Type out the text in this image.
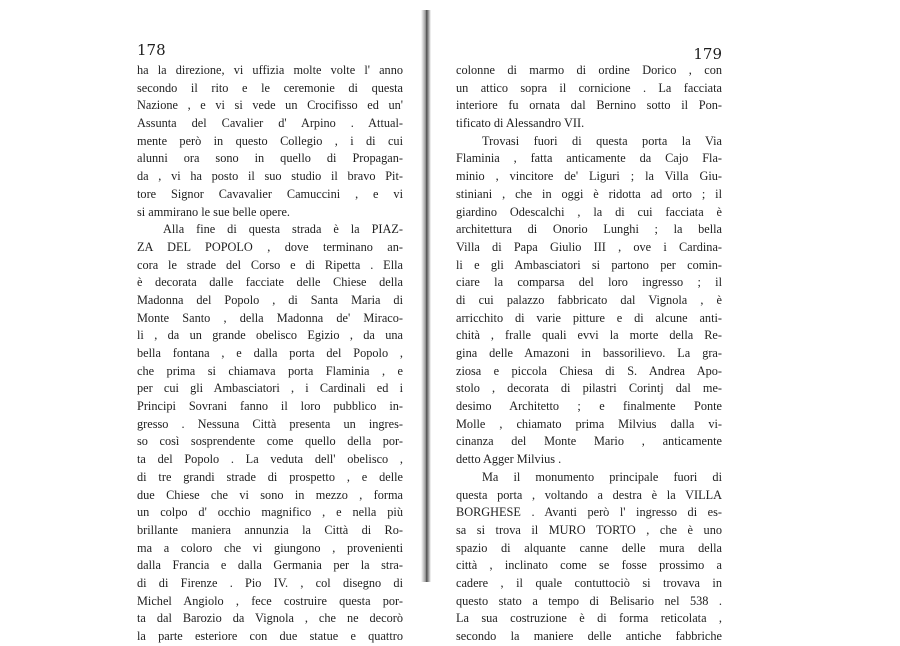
178
ha la direzione, vi uffizia molte volte l' anno
secondo il rito e le ceremonie di questa
Nazione , e vi si vede un Crocifisso ed un'
Assunta del Cavalier d' Arpino . Attual-
mente però in questo Collegio , i di cui
alunni ora sono in quello di Propagan-
da , vi ha posto il suo studio il bravo Pit-
tore Signor Cavavalier Camuccini , e vi
si ammirano le sue belle opere.
Alla fine di questa strada è la PIAZ-
ZA DEL POPOLO , dove terminano an-
cora le strade del Corso e di Ripetta . Ella
è decorata dalle facciate delle Chiese della
Madonna del Popolo , di Santa Maria di
Monte Santo , della Madonna de' Miraco-
li , da un grande obelisco Egizio , da una
bella fontana , e dalla porta del Popolo ,
che prima si chiamava porta Flaminia , e
per cui gli Ambasciatori , i Cardinali ed i
Principi Sovrani fanno il loro pubblico in-
gresso . Nessuna Città presenta un ingres-
so così sosprendente come quello della por-
ta del Popolo . La veduta dell' obelisco ,
di tre grandi strade di prospetto , e delle
due Chiese che vi sono in mezzo , forma
un colpo d' occhio magnifico , e nella più
brillante maniera annunzia la Città di Ro-
ma a coloro che vi giungono , provenienti
dalla Francia e dalla Germania per la stra-
di di Firenze . Pio IV. , col disegno di
Michel Angiolo , fece costruire questa por-
ta dal Barozio da Vignola , che ne decorò
la parte esteriore con due statue e quattro
179
colonne di marmo di ordine Dorico , con
un attico sopra il cornicione . La facciata
interiore fu ornata dal Bernino sotto il Pon-
tificato di Alessandro VII.
Trovasi fuori di questa porta la Via
Flaminia , fatta anticamente da Cajo Fla-
minio , vincitore de' Liguri ; la Villa Giu-
stiniani , che in oggi è ridotta ad orto ; il
giardino Odescalchi , la di cui facciata è
architettura di Onorio Lunghi ; la bella
Villa di Papa Giulio III , ove i Cardina-
li e gli Ambasciatori si partono per comin-
ciare la comparsa del loro ingresso ; il
di cui palazzo fabbricato dal Vignola , è
arricchito di varie pitture e di alcune anti-
chità , fralle quali evvi la morte della Re-
gina delle Amazoni in bassorilievo. La gra-
ziosa e piccola Chiesa di S. Andrea Apo-
stolo , decorata di pilastri Corintj dal me-
desimo Architetto ; e finalmente Ponte
Molle , chiamato prima Milvius dalla vi-
cinanza del Monte Mario , anticamente
detto Agger Milvius .
Ma il monumento principale fuori di
questa porta , voltando a destra è la VILLA
BORGHESE . Avanti però l' ingresso di es-
sa si trova il MURO TORTO , che è uno
spazio di alquante canne delle mura della
città , inclinato come se fosse prossimo a
cadere , il quale contuttociò si trovava in
questo stato a tempo di Belisario nel 538 .
La sua costruzione è di forma reticolata ,
secondo la maniere delle antiche fabbriche
